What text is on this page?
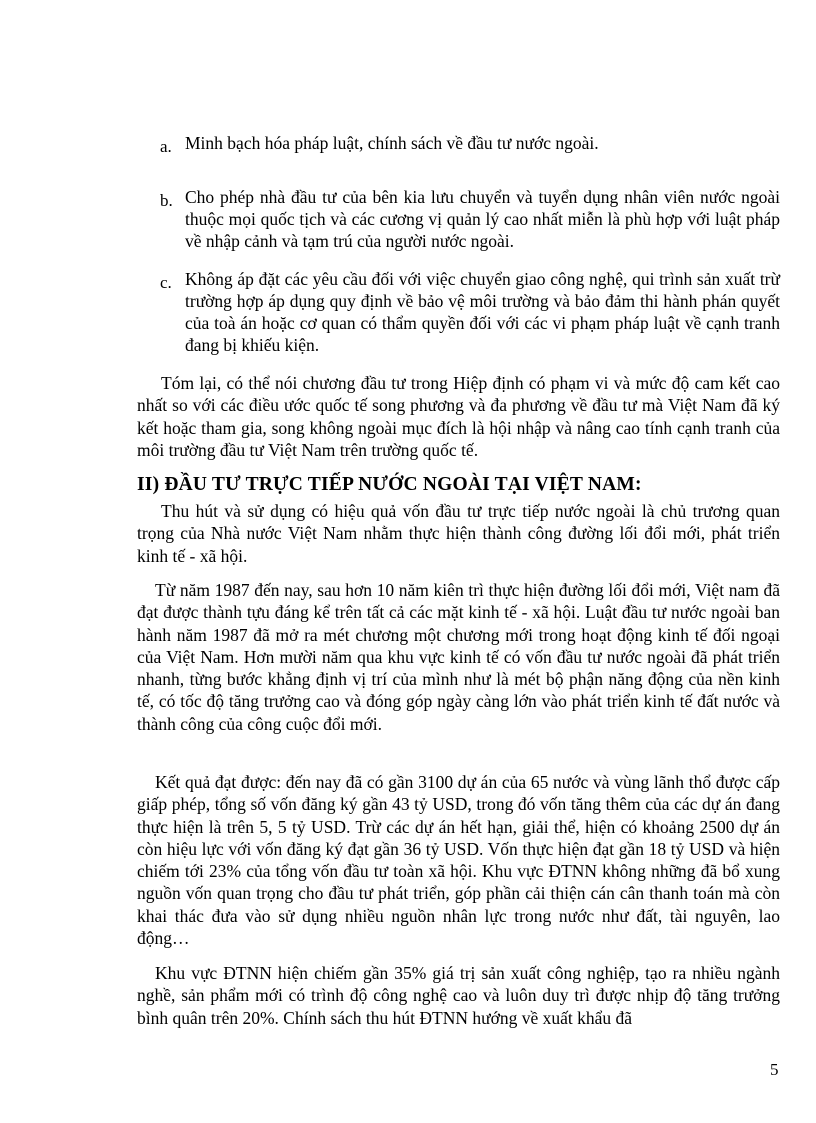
a. Minh bạch hóa pháp luật, chính sách về đầu tư nước ngoài.
b. Cho phép nhà đầu tư của bên kia lưu chuyển và tuyển dụng nhân viên nước ngoài thuộc mọi quốc tịch và các cương vị quản lý cao nhất miễn là phù hợp với luật pháp về nhập cảnh và tạm trú của người nước ngoài.
c. Không áp đặt các yêu cầu đối với việc chuyển giao công nghệ, qui trình sản xuất trừ trường hợp áp dụng quy định về bảo vệ môi trường và bảo đảm thi hành phán quyết của toà án hoặc cơ quan có thẩm quyền đối với các vi phạm pháp luật về cạnh tranh đang bị khiếu kiện.
Tóm lại, có thể nói chương đầu tư trong Hiệp định có phạm vi và mức độ cam kết cao nhất so với các điều ước quốc tế song phương và đa phương về đầu tư mà Việt Nam đã ký kết hoặc tham gia, song không ngoài mục đích là hội nhập và nâng cao tính cạnh tranh của môi trường đầu tư Việt Nam trên trường quốc tế.
II) ĐẦU TƯ TRỰC TIẾP NƯỚC NGOÀI TẠI VIỆT NAM:
Thu hút và sử dụng có hiệu quả vốn đầu tư trực tiếp nước ngoài là chủ trương quan trọng của Nhà nước Việt Nam nhằm thực hiện thành công đường lối đổi mới, phát triển kinh tế - xã hội.
Từ năm 1987 đến nay, sau hơn 10 năm kiên trì thực hiện đường lối đổi mới, Việt nam đã đạt được thành tựu đáng kể trên tất cả các mặt kinh tế - xã hội. Luật đầu tư nước ngoài ban hành năm 1987 đã mở ra mét chương một chương mới trong hoạt động kinh tế đối ngoại của Việt Nam. Hơn mười năm qua khu vực kinh tế có vốn đầu tư nước ngoài đã phát triển nhanh, từng bước khẳng định vị trí của mình như là mét bộ phận năng động của nền kinh tế, có tốc độ tăng trưởng cao và đóng góp ngày càng lớn vào phát triển kinh tế đất nước và thành công của công cuộc đổi mới.
Kết quả đạt được: đến nay đã có gần 3100 dự án của 65 nước và vùng lãnh thổ được cấp giấp phép, tổng số vốn đăng ký gần 43 tỷ USD, trong đó vốn tăng thêm của các dự án đang thực hiện là trên 5, 5 tỷ USD. Trừ các dự án hết hạn, giải thể, hiện có khoảng 2500 dự án còn hiệu lực với vốn đăng ký đạt gần 36 tỷ USD. Vốn thực hiện đạt gần 18 tỷ USD và hiện chiếm tới 23% của tổng vốn đầu tư toàn xã hội. Khu vực ĐTNN không những đã bổ xung nguồn vốn quan trọng cho đầu tư phát triển, góp phần cải thiện cán cân thanh toán mà còn khai thác đưa vào sử dụng nhiều nguồn nhân lực trong nước như đất, tài nguyên, lao động…
Khu vực ĐTNN hiện chiếm gần 35% giá trị sản xuất công nghiệp, tạo ra nhiều ngành nghề, sản phẩm mới có trình độ công nghệ cao và luôn duy trì được nhịp độ tăng trưởng bình quân trên 20%. Chính sách thu hút ĐTNN hướng về xuất khẩu đã
5
